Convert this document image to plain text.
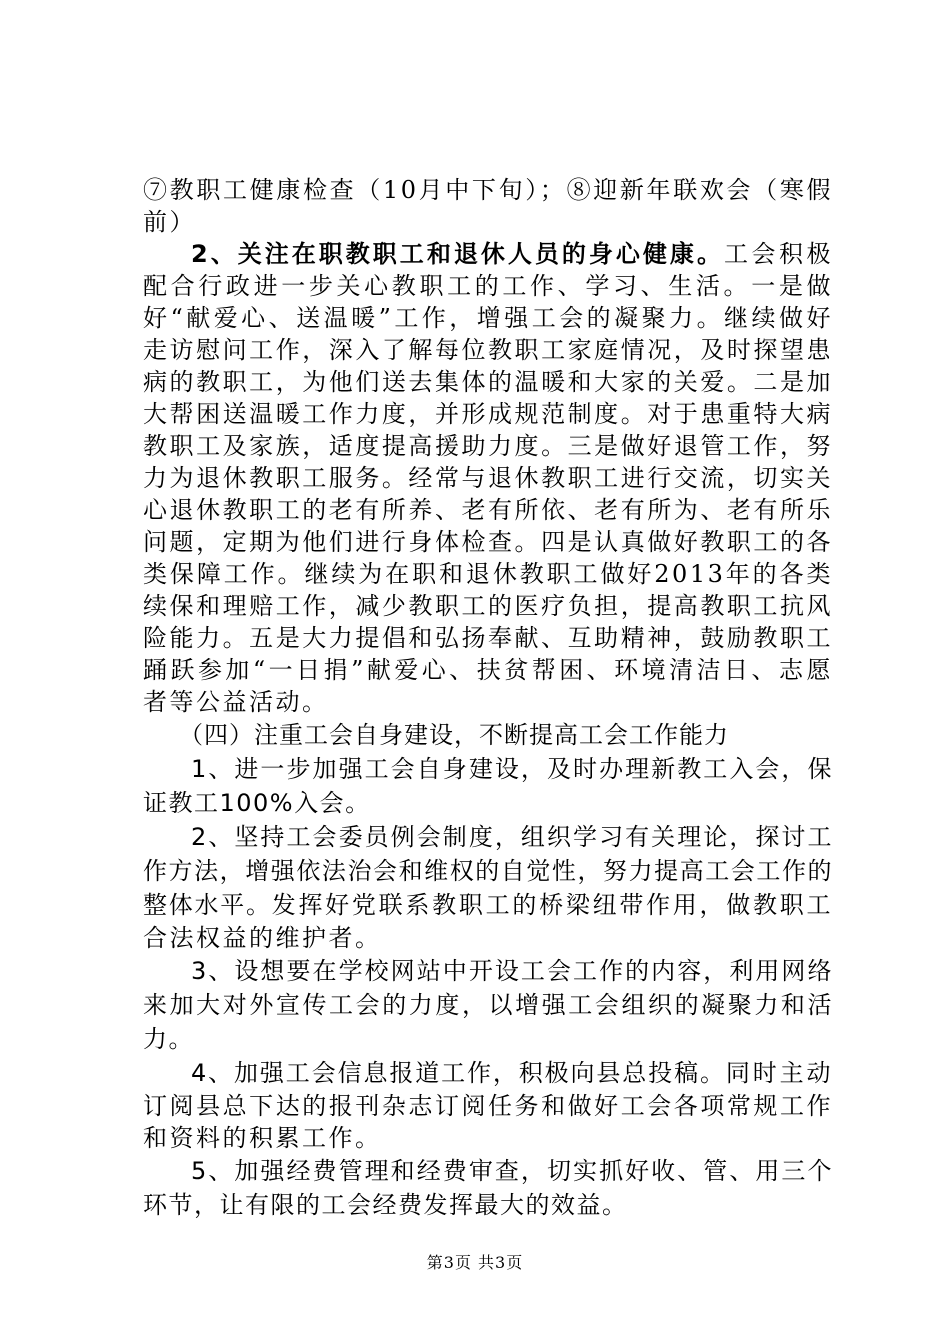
⑦教职工健康检查（10月中下旬）；⑧迎新年联欢会（寒假前）

2、关注在职教职工和退休人员的身心健康。工会积极配合行政进一步关心教职工的工作、学习、生活。一是做好“献爱心、送温暖”工作，增强工会的凝聚力。继续做好走访慰问工作，深入了解每位教职工家庭情况，及时探望患病的教职工，为他们送去集体的温暖和大家的关爱。二是加大帮困送温暖工作力度，并形成规范制度。对于患重特大病教职工及家族，适度提高援助力度。三是做好退管工作，努力为退休教职工服务。经常与退休教职工进行交流，切实关心退休教职工的老有所养、老有所依、老有所为、老有所乐问题，定期为他们进行身体检查。四是认真做好教职工的各类保障工作。继续为在职和退休教职工做好2013年的各类续保和理赔工作，减少教职工的医疗负担，提高教职工抗风险能力。五是大力提倡和弘扬奉献、互助精神，鼓励教职工踊跃参加“一日捐”献爱心、扶贫帮困、环境清洁日、志愿者等公益活动。

（四）注重工会自身建设，不断提高工会工作能力

1、进一步加强工会自身建设，及时办理新教工入会，保证教工100%入会。

2、坚持工会委员例会制度，组织学习有关理论，探讨工作方法，增强依法治会和维权的自觉性，努力提高工会工作的整体水平。发挥好党联系教职工的桥梁纽带作用，做教职工合法权益的维护者。

3、设想要在学校网站中开设工会工作的内容，利用网络来加大对外宣传工会的力度，以增强工会组织的凝聚力和活力。

4、加强工会信息报道工作，积极向县总投稿。同时主动订阅县总下达的报刊杂志订阅任务和做好工会各项常规工作和资料的积累工作。

5、加强经费管理和经费审查，切实抓好收、管、用三个环节，让有限的工会经费发挥最大的效益。

第3页 共3页
